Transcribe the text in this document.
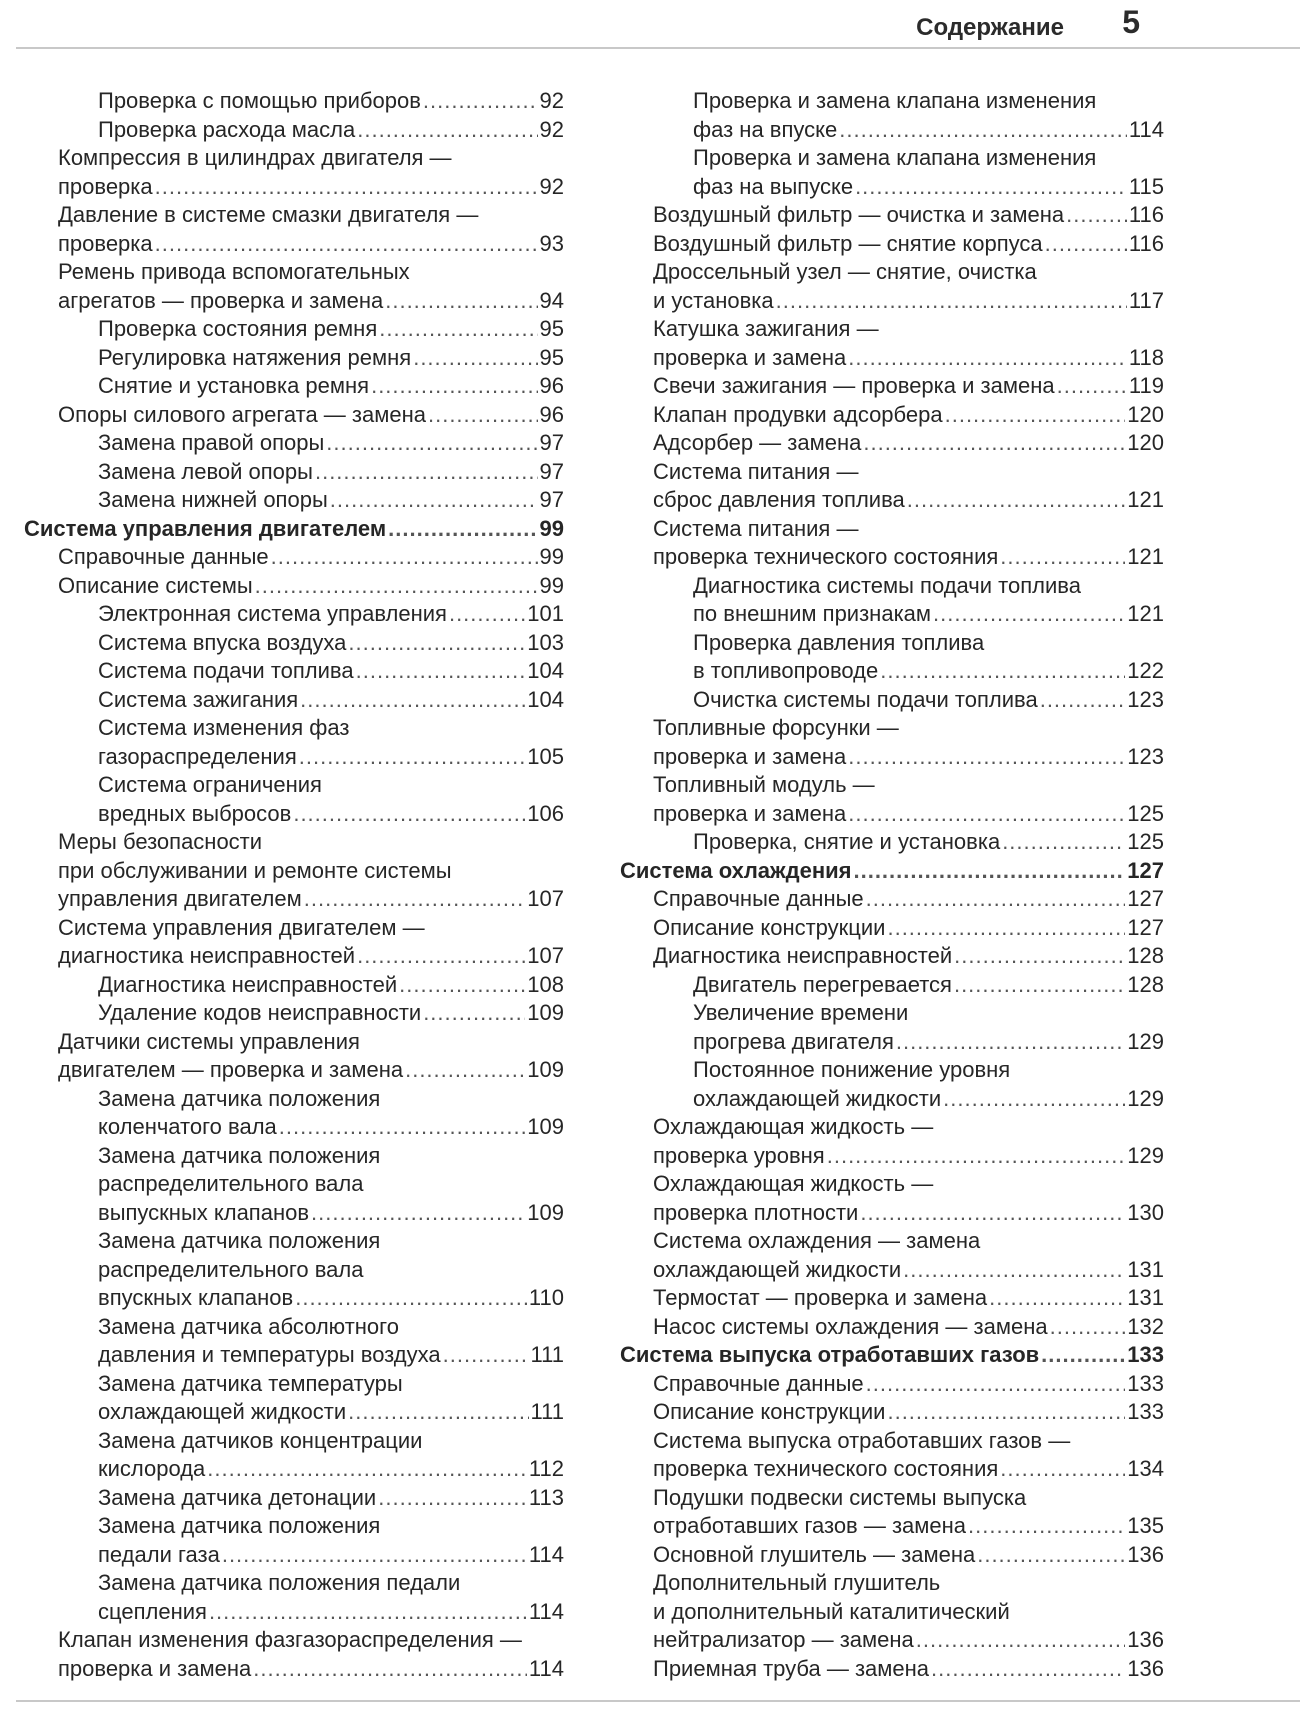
Содержание 5
Проверка с помощью приборов .....	92
Проверка расхода масла .....	92
Компрессия в цилиндрах двигателя —
проверка .....	92
Давление в системе смазки двигателя —
проверка .....	93
Ремень привода вспомогательных
агрегатов — проверка и замена .....	94
Проверка состояния ремня .....	95
Регулировка натяжения ремня .....	95
Снятие и установка ремня .....	96
Опоры силового агрегата — замена .....	96
Замена правой опоры .....	97
Замена левой опоры .....	97
Замена нижней опоры .....	97
Система управления двигателем .....	99
Справочные данные .....	99
Описание системы .....	99
Электронная система управления .....	101
Система впуска воздуха .....	103
Система подачи топлива .....	104
Система зажигания .....	104
Система изменения фаз
газораспределения .....	105
Система ограничения
вредных выбросов .....	106
Меры безопасности
при обслуживании и ремонте системы
управления двигателем .....	107
Система управления двигателем —
диагностика неисправностей .....	107
Диагностика неисправностей .....	108
Удаление кодов неисправности .....	109
Датчики системы управления
двигателем — проверка и замена .....	109
Замена датчика положения
коленчатого вала .....	109
Замена датчика положения
распределительного вала
выпускных клапанов .....	109
Замена датчика положения
распределительного вала
впускных клапанов .....	110
Замена датчика абсолютного
давления и температуры воздуха .....	111
Замена датчика температуры
охлаждающей жидкости .....	111
Замена датчиков концентрации
кислорода .....	112
Замена датчика детонации .....	113
Замена датчика положения
педали газа .....	114
Замена датчика положения педали
сцепления .....	114
Клапан изменения фазгазораспределения —
проверка и замена .....	114
Проверка и замена клапана изменения
фаз на впуске .....	114
Проверка и замена клапана изменения
фаз на выпуске .....	115
Воздушный фильтр — очистка и замена .....	116
Воздушный фильтр — снятие корпуса .....	116
Дроссельный узел — снятие, очистка
и установка .....	117
Катушка зажигания —
проверка и замена .....	118
Свечи зажигания — проверка и замена .....	119
Клапан продувки адсорбера .....	120
Адсорбер — замена .....	120
Система питания —
сброс давления топлива .....	121
Система питания —
проверка технического состояния .....	121
Диагностика системы подачи топлива
по внешним признакам .....	121
Проверка давления топлива
в топливопроводе .....	122
Очистка системы подачи топлива .....	123
Топливные форсунки —
проверка и замена .....	123
Топливный модуль —
проверка и замена .....	125
Проверка, снятие и установка .....	125
Система охлаждения .....	127
Справочные данные .....	127
Описание конструкции .....	127
Диагностика неисправностей .....	128
Двигатель перегревается .....	128
Увеличение времени
прогрева двигателя .....	129
Постоянное понижение уровня
охлаждающей жидкости .....	129
Охлаждающая жидкость —
проверка уровня .....	129
Охлаждающая жидкость —
проверка плотности .....	130
Система охлаждения — замена
охлаждающей жидкости .....	131
Термостат — проверка и замена .....	131
Насос системы охлаждения — замена .....	132
Система выпуска отработавших газов .....	133
Справочные данные .....	133
Описание конструкции .....	133
Система выпуска отработавших газов —
проверка технического состояния .....	134
Подушки подвески системы выпуска
отработавших газов — замена .....	135
Основной глушитель — замена .....	136
Дополнительный глушитель
и дополнительный каталитический
нейтрализатор — замена .....	136
Приемная труба — замена .....	136
